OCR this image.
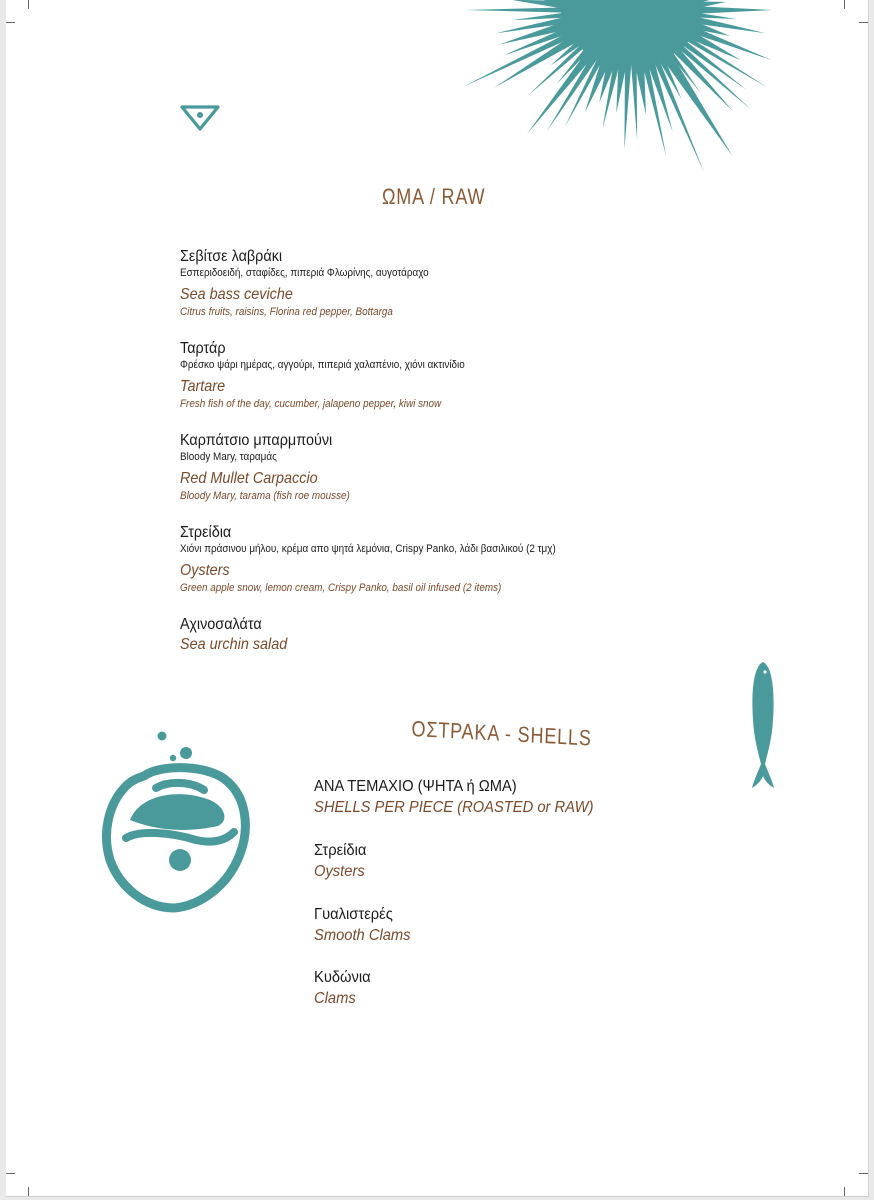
ΩΜΑ / RAW
Σεβίτσε λαβράκι
Εσπεριδοειδή, σταφίδες, πιπεριά Φλωρίνης, αυγοτάραχο
Sea bass ceviche
Citrus fruits, raisins, Florina red pepper, Bottarga
Ταρτάρ
Φρέσκο ψάρι ημέρας, αγγούρι, πιπεριά χαλαπένιο, χιόνι ακτινίδιο
Tartare
Fresh fish of the day, cucumber, jalapeno pepper, kiwi snow
Καρπάτσιο μπαρμπούνι
Bloody Mary, ταραμάς
Red Mullet Carpaccio
Bloody Mary, tarama (fish roe mousse)
Στρείδια
Χιόνι πράσινου μήλου, κρέμα απο ψητά λεμόνια, Crispy Panko, λάδι βασιλικού (2 τμχ)
Oysters
Green apple snow, lemon cream, Crispy Panko, basil oil infused (2 items)
Αχινοσαλάτα
Sea urchin salad
ΟΣΤΡΑΚΑ - SHELLS
ΑΝΑ ΤΕΜΑΧΙΟ (ΨΗΤΑ ή ΩΜΑ)
SHELLS PER PIECE (ROASTED or RAW)
Στρείδια
Oysters
Γυαλιστερές
Smooth Clams
Κυδώνια
Clams
